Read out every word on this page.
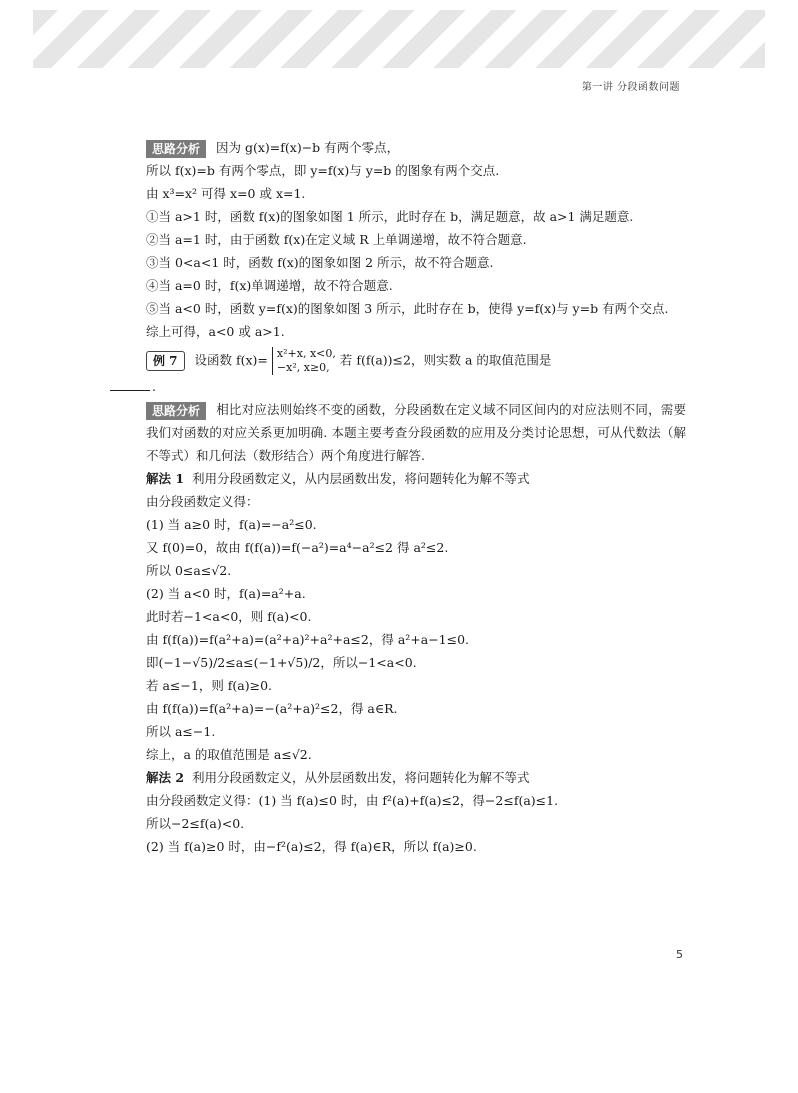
第一讲 分段函数问题
思路分析 因为 g(x)=f(x)−b 有两个零点，
所以 f(x)=b 有两个零点，即 y=f(x)与 y=b 的图象有两个交点.
由 x³=x² 可得 x=0 或 x=1.
①当 a>1 时，函数 f(x)的图象如图 1 所示，此时存在 b，满足题意，故 a>1 满足题意.
②当 a=1 时，由于函数 f(x)在定义域 R 上单调递增，故不符合题意.
③当 0<a<1 时，函数 f(x)的图象如图 2 所示，故不符合题意.
④当 a=0 时，f(x)单调递增，故不符合题意.
⑤当 a<0 时，函数 y=f(x)的图象如图 3 所示，此时存在 b，使得 y=f(x)与 y=b 有两个交点.
综上可得，a<0 或 a>1.
例 7 设函数 f(x)= x²+x, x<0,
−x², x≥0, 若 f(f(a))≤2，则实数 a 的取值范围是
.
思路分析 相比对应法则始终不变的函数，分段函数在定义域不同区间内的对应法则不同，需要我们对函数的对应关系更加明确. 本题主要考查分段函数的应用及分类讨论思想，可从代数法（解不等式）和几何法（数形结合）两个角度进行解答.
解法 1 利用分段函数定义，从内层函数出发，将问题转化为解不等式
由分段函数定义得：
(1) 当 a≥0 时，f(a)=−a²≤0.
又 f(0)=0，故由 f(f(a))=f(−a²)=a⁴−a²≤2 得 a²≤2.
所以 0≤a≤√2.
(2) 当 a<0 时，f(a)=a²+a.
此时若−1<a<0，则 f(a)<0.
由 f(f(a))=f(a²+a)=(a²+a)²+a²+a≤2，得 a²+a−1≤0.
即(−1−√5)/2≤a≤(−1+√5)/2，所以−1<a<0.
若 a≤−1，则 f(a)≥0.
由 f(f(a))=f(a²+a)=−(a²+a)²≤2，得 a∈R.
所以 a≤−1.
综上，a 的取值范围是 a≤√2.
解法 2 利用分段函数定义，从外层函数出发，将问题转化为解不等式
由分段函数定义得：(1) 当 f(a)≤0 时，由 f²(a)+f(a)≤2，得−2≤f(a)≤1.
所以−2≤f(a)<0.
(2) 当 f(a)≥0 时，由−f²(a)≤2，得 f(a)∈R，所以 f(a)≥0.
5
